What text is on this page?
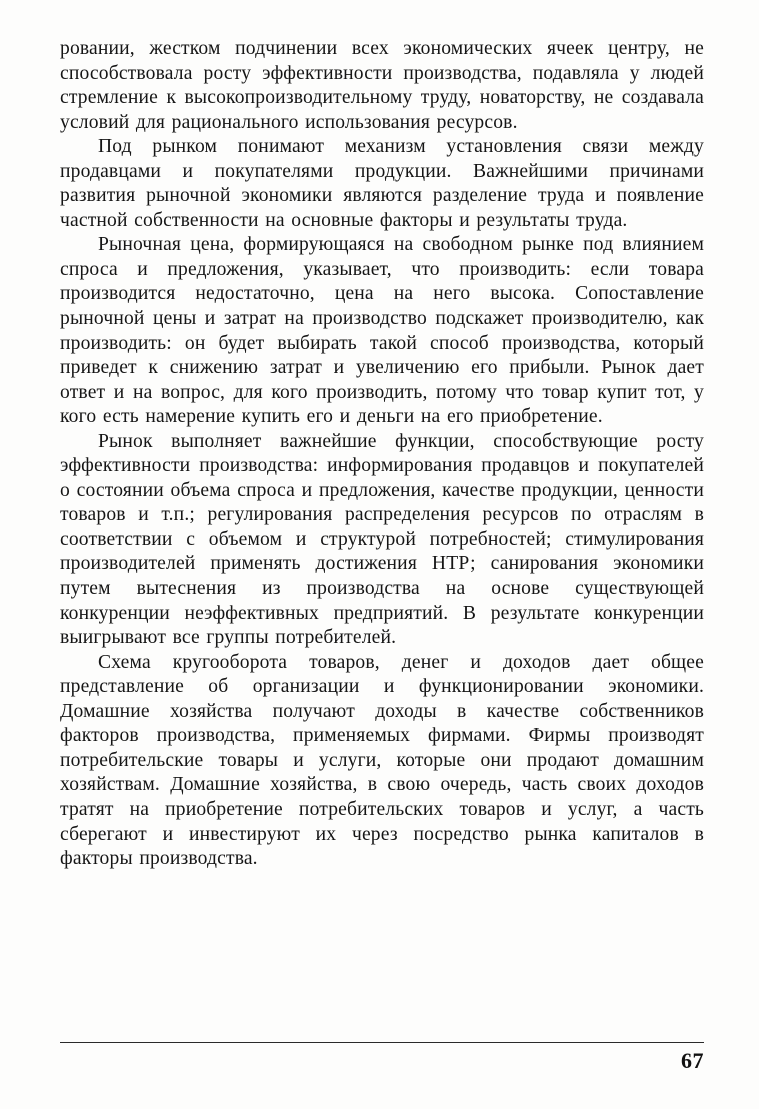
ровании, жестком подчинении всех экономических ячеек центру, не способствовала росту эффективности производства, подавляла у людей стремление к высокопроизводительному труду, новаторству, не создавала условий для рационального использования ресурсов.

Под рынком понимают механизм установления связи между продавцами и покупателями продукции. Важнейшими причинами развития рыночной экономики являются разделение труда и появление частной собственности на основные факторы и результаты труда.

Рыночная цена, формирующаяся на свободном рынке под влиянием спроса и предложения, указывает, что производить: если товара производится недостаточно, цена на него высока. Сопоставление рыночной цены и затрат на производство подскажет производителю, как производить: он будет выбирать такой способ производства, который приведет к снижению затрат и увеличению его прибыли. Рынок дает ответ и на вопрос, для кого производить, потому что товар купит тот, у кого есть намерение купить его и деньги на его приобретение.

Рынок выполняет важнейшие функции, способствующие росту эффективности производства: информирования продавцов и покупателей о состоянии объема спроса и предложения, качестве продукции, ценности товаров и т.п.; регулирования распределения ресурсов по отраслям в соответствии с объемом и структурой потребностей; стимулирования производителей применять достижения НТР; санирования экономики путем вытеснения из производства на основе существующей конкуренции неэффективных предприятий. В результате конкуренции выигрывают все группы потребителей.

Схема кругооборота товаров, денег и доходов дает общее представление об организации и функционировании экономики. Домашние хозяйства получают доходы в качестве собственников факторов производства, применяемых фирмами. Фирмы производят потребительские товары и услуги, которые они продают домашним хозяйствам. Домашние хозяйства, в свою очередь, часть своих доходов тратят на приобретение потребительских товаров и услуг, а часть сберегают и инвестируют их через посредство рынка капиталов в факторы производства.

67
